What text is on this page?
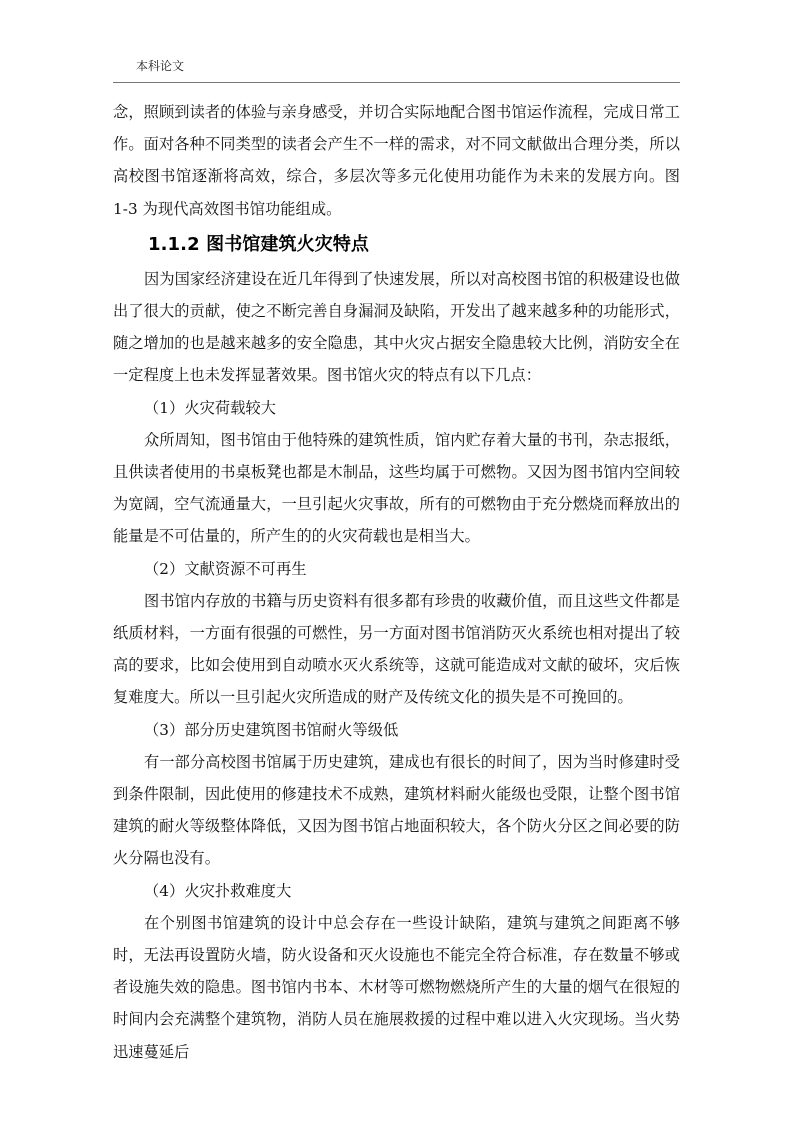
本科论文

念，照顾到读者的体验与亲身感受，并切合实际地配合图书馆运作流程，完成日常工作。面对各种不同类型的读者会产生不一样的需求，对不同文献做出合理分类，所以高校图书馆逐渐将高效，综合，多层次等多元化使用功能作为未来的发展方向。图 1-3 为现代高效图书馆功能组成。

1.1.2 图书馆建筑火灾特点

因为国家经济建设在近几年得到了快速发展，所以对高校图书馆的积极建设也做出了很大的贡献，使之不断完善自身漏洞及缺陷，开发出了越来越多种的功能形式，随之增加的也是越来越多的安全隐患，其中火灾占据安全隐患较大比例，消防安全在一定程度上也未发挥显著效果。图书馆火灾的特点有以下几点：

（1）火灾荷载较大

众所周知，图书馆由于他特殊的建筑性质，馆内贮存着大量的书刊，杂志报纸，且供读者使用的书桌板凳也都是木制品，这些均属于可燃物。又因为图书馆内空间较为宽阔，空气流通量大，一旦引起火灾事故，所有的可燃物由于充分燃烧而释放出的能量是不可估量的，所产生的的火灾荷载也是相当大。

（2）文献资源不可再生

图书馆内存放的书籍与历史资料有很多都有珍贵的收藏价值，而且这些文件都是纸质材料，一方面有很强的可燃性，另一方面对图书馆消防灭火系统也相对提出了较高的要求，比如会使用到自动喷水灭火系统等，这就可能造成对文献的破坏，灾后恢复难度大。所以一旦引起火灾所造成的财产及传统文化的损失是不可挽回的。

（3）部分历史建筑图书馆耐火等级低

有一部分高校图书馆属于历史建筑，建成也有很长的时间了，因为当时修建时受到条件限制，因此使用的修建技术不成熟，建筑材料耐火能级也受限，让整个图书馆建筑的耐火等级整体降低，又因为图书馆占地面积较大，各个防火分区之间必要的防火分隔也没有。

（4）火灾扑救难度大

在个别图书馆建筑的设计中总会存在一些设计缺陷，建筑与建筑之间距离不够时，无法再设置防火墙，防火设备和灭火设施也不能完全符合标准，存在数量不够或者设施失效的隐患。图书馆内书本、木材等可燃物燃烧所产生的大量的烟气在很短的时间内会充满整个建筑物，消防人员在施展救援的过程中难以进入火灾现场。当火势迅速蔓延后
